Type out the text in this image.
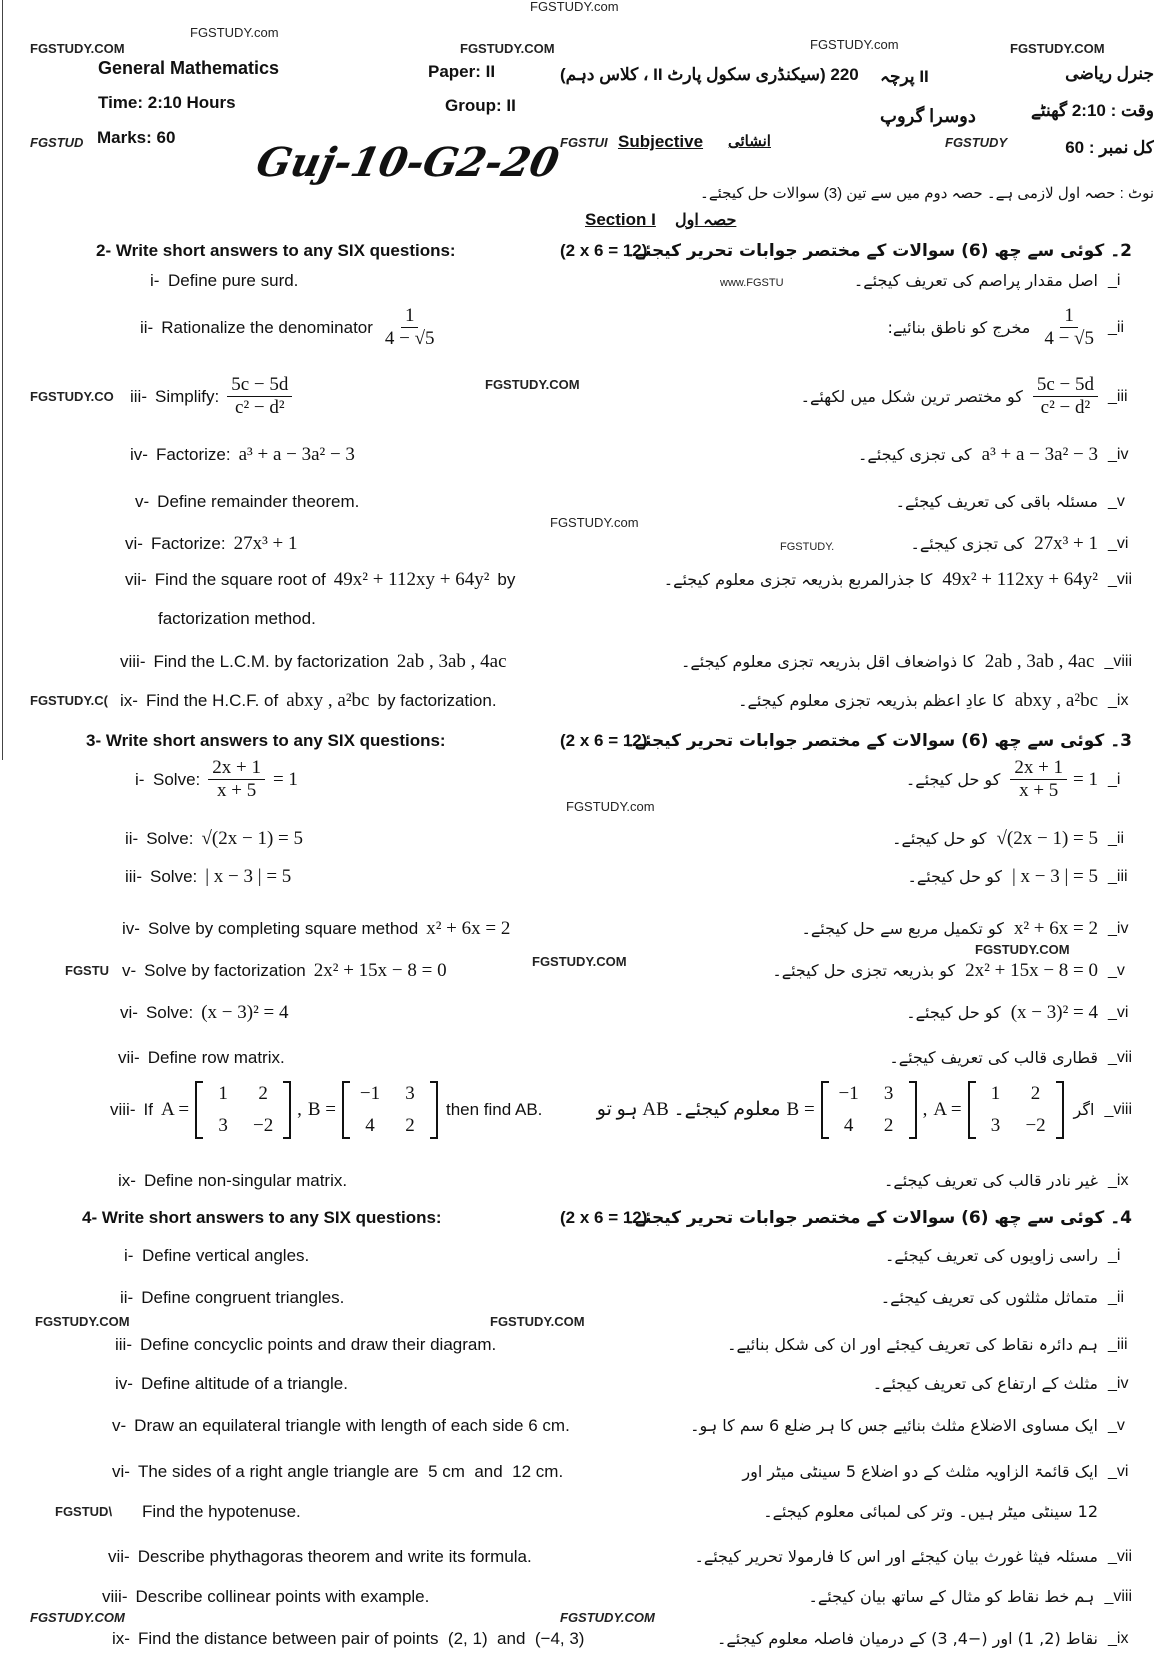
FGSTUDY.com
FGSTUDY.com
FGSTUDY.COM	FGSTUDY.COM	FGSTUDY.com	FGSTUDY.COM
FGSTUD	FGSTUI	FGSTUDY
FGSTUDY.CO
FGSTUDY.COM
FGSTUDY.com
FGSTUDY.C(
FGSTUDY.com
FGSTU
FGSTUDY.COM
FGSTUDY.COM
FGSTUDY.COM	FGSTUDY.COM
FGSTUD\
FGSTUDY.COM	FGSTUDY.COM
www.FGSTU
FGSTUDY.
General Mathematics	Paper: II	220 (سیکنڈری سکول پارٹ II ، کلاس دہم) II پرچہ	جنرل ریاضی
Time: 2:10 Hours	Group: II
دوسرا گروپ	وقت : 2:10 گھنٹے
Marks: 60	Subjective انشائی	کل نمبر : 60
Guj-10-G2-20
نوٹ : حصہ اول لازمی ہے۔ حصہ دوم میں سے تین (3) سوالات حل کیجئے۔
Section I حصہ اول
2- Write short answers to any SIX questions:	(2 x 6 = 12)
2۔ کوئی سے چھ (6) سوالات کے مختصر جوابات تحریر کیجئے۔
i- Define pure surd.	_i
اصل مقدار پراصم کی تعریف کیجئے۔
ii- Rationalize the denominator $\frac{1}{4 - √5}$	_ii
$\frac{1}{4 - √5}$
مخرج کو ناطق بنائیے:
iii- Simplify: $\frac{5c - 5d}{\text{c² − d²}}$	_iii
$\frac{5c - 5d}{\text{c² − d²}}$
کو مختصر ترین شکل میں لکھئے۔
iv- Factorize: a³ + a − 3a² − 3	_iv
a³ + a − 3a² − 3
کی تجزی کیجئے۔
v- Define remainder theorem.	_v
مسئلہ باقی کی تعریف کیجئے۔
vi- Factorize: 27x³ + 1	_vi
27x³ + 1
کی تجزی کیجئے۔
vii- Find the square root of 49x² + 112xy + 64y² by	_vii
49x² + 112xy + 64y²
کا جذرالمربع بذریعہ تجزی معلوم کیجئے۔
factorization method.
viii- Find the L.C.M. by factorization 2ab , 3ab , 4ac	_viii
2ab , 3ab , 4ac
کا ذواضعاف اقل بذریعہ تجزی معلوم کیجئے۔
ix- Find the H.C.F. of abxy , a²bc by factorization.	_ix
abxy , a²bc
کا عادِ اعظم بذریعہ تجزی معلوم کیجئے۔
3- Write short answers to any SIX questions:	(2 x 6 = 12)
3۔ کوئی سے چھ (6) سوالات کے مختصر جوابات تحریر کیجئے۔
i- Solve: $\frac{2x + 1}{x + 5} = 1$	_i
$\frac{2x + 1}{x + 5} = 1$
کو حل کیجئے۔
ii- Solve: √(2x − 1) = 5	_ii
√(2x − 1) = 5
کو حل کیجئے۔
iii- Solve: | x − 3 | = 5	_iii
| x − 3 | = 5
کو حل کیجئے۔
iv- Solve by completing square method x² + 6x = 2	_iv
x² + 6x = 2
کو تکمیل مربع سے حل کیجئے۔
v- Solve by factorization 2x² + 15x − 8 = 0	_v
2x² + 15x − 8 = 0
کو بذریعہ تجزی حل کیجئے۔
vi- Solve: (x − 3)² = 4	_vi
(x − 3)² = 4
کو حل کیجئے۔
vii- Define row matrix.	_vii
قطاری قالب کی تعریف کیجئے۔
viii- If A =
1	2
3	−2
, B =
−1	3
4	2
then find AB.	_viii
اگر
ہو تو AB معلوم کیجئے۔ B =
−1	3
4	2
, A =
1	2
3	−2
ix- Define non-singular matrix.	_ix
غیر نادر قالب کی تعریف کیجئے۔
4- Write short answers to any SIX questions:	(2 x 6 = 12)
4۔ کوئی سے چھ (6) سوالات کے مختصر جوابات تحریر کیجئے۔
i- Define vertical angles.	_i
راسی زاویوں کی تعریف کیجئے۔
ii- Define congruent triangles.	_ii
متماثل مثلثوں کی تعریف کیجئے۔
iii- Define concyclic points and draw their diagram.	_iii
ہم دائرہ نقاط کی تعریف کیجئے اور ان کی شکل بنائیے۔
iv- Define altitude of a triangle.	_iv
مثلث کے ارتفاع کی تعریف کیجئے۔
v- Draw an equilateral triangle with length of each side 6 cm.	_v
ایک مساوی الاضلاع مثلث بنائیے جس کا ہر ضلع 6 سم کا ہو۔
vi- The sides of a right angle triangle are  5 cm  and  12 cm.	_vi
ایک قائمۃ الزاویہ مثلث کے دو اضلاع 5 سینٹی میٹر اور
Find the hypotenuse.	12 سینٹی میٹر ہیں۔ وتر کی لمبائی معلوم کیجئے۔
vii- Describe phythagoras theorem and write its formula.	_vii
مسئلہ فیثا غورث بیان کیجئے اور اس کا فارمولا تحریر کیجئے۔
viii- Describe collinear points with example.	_viii
ہم خط نقاط کو مثال کے ساتھ بیان کیجئے۔
ix- Find the distance between pair of points  (2, 1)  and  (−4, 3)	_ix
نقاط (2, 1) اور (−4, 3) کے درمیان فاصلہ معلوم کیجئے۔
